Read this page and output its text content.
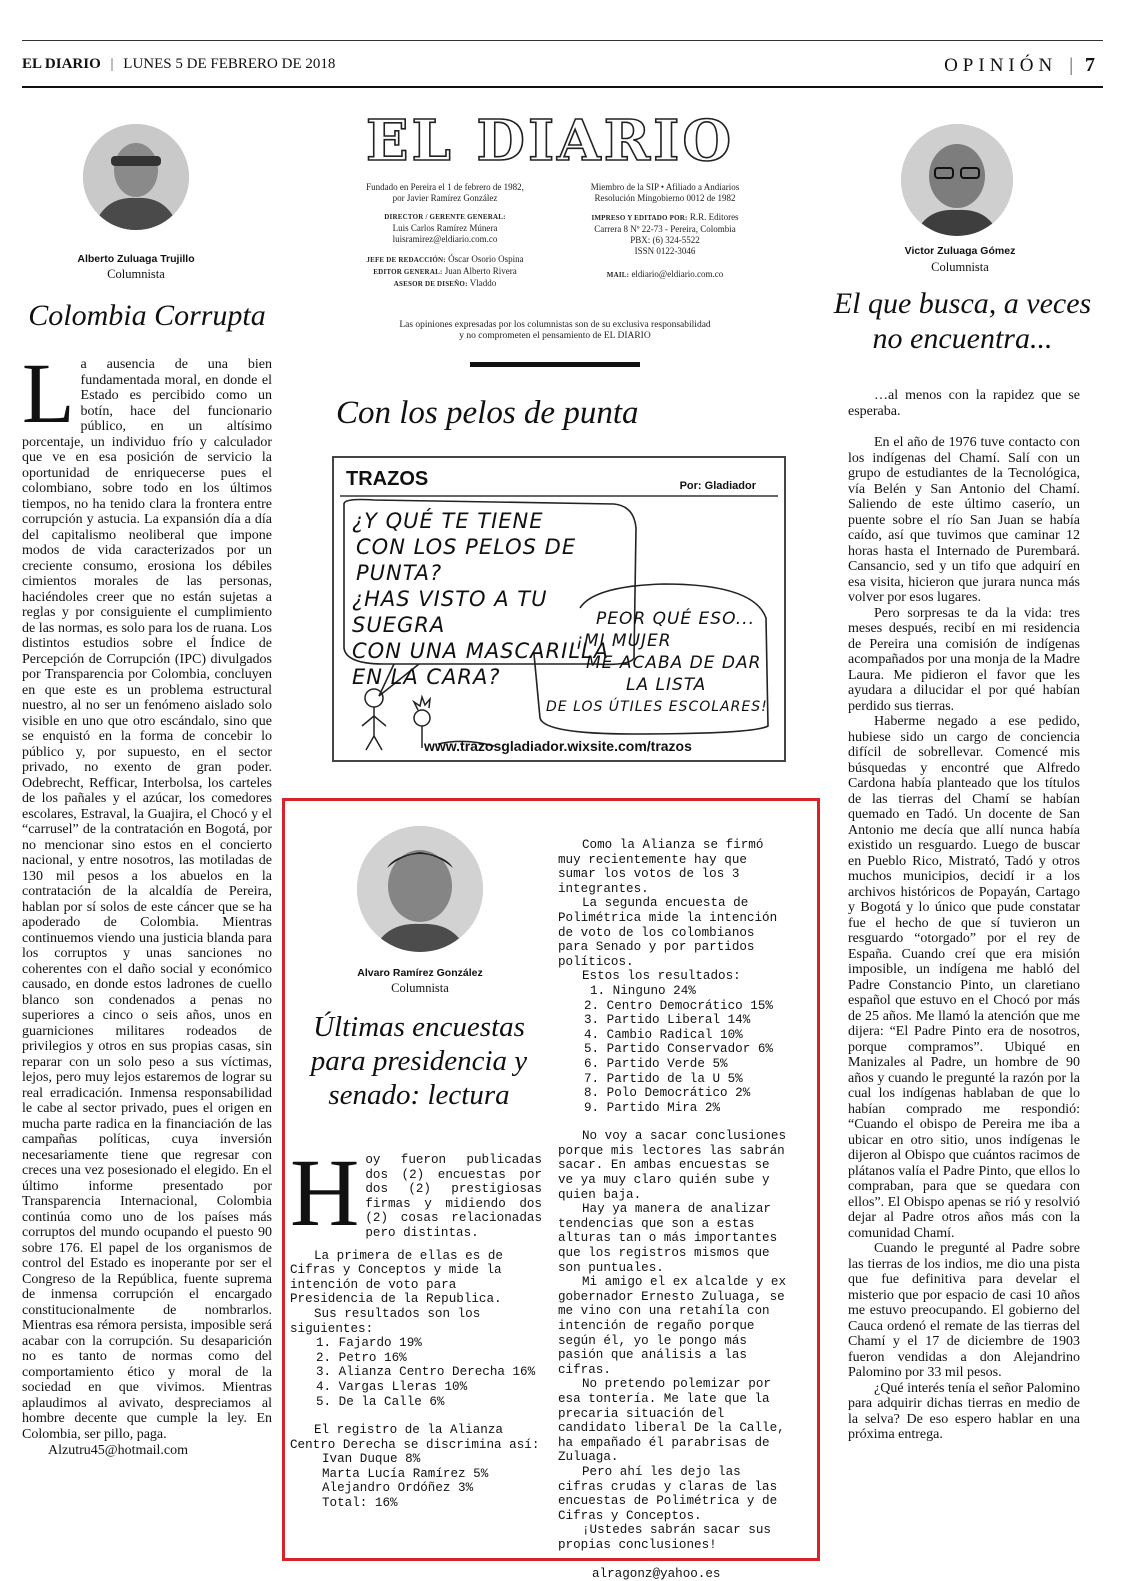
EL DIARIO | LUNES 5 DE FEBRERO DE 2018	OPINIÓN | 7
Alberto Zuluaga Trujillo
Columnista
Colombia Corrupta
L a ausencia de una bien fundamentada moral, en donde el Estado es percibido como un botín, hace del funcionario público, en un altísimo porcentaje, un individuo frío y calculador que ve en esa posición de servicio la oportunidad de enriquecerse pues el colombiano, sobre todo en los últimos tiempos, no ha tenido clara la frontera entre corrupción y astucia. La expansión día a día del capitalismo neoliberal que impone modos de vida caracterizados por un creciente consumo, erosiona los débiles cimientos morales de las personas, haciéndoles creer que no están sujetas a reglas y por consiguiente el cumplimiento de las normas, es solo para los de ruana. Los distintos estudios sobre el Índice de Percepción de Corrupción (IPC) divulgados por Transparencia por Colombia, concluyen en que este es un problema estructural nuestro, al no ser un fenómeno aislado solo visible en uno que otro escándalo, sino que se enquistó en la forma de concebir lo público y, por supuesto, en el sector privado, no exento de gran poder. Odebrecht, Refficar, Interbolsa, los carteles de los pañales y el azúcar, los comedores escolares, Estraval, la Guajira, el Chocó y el “carrusel” de la contratación en Bogotá, por no mencionar sino estos en el concierto nacional, y entre nosotros, las motiladas de 130 mil pesos a los abuelos en la contratación de la alcaldía de Pereira, hablan por sí solos de este cáncer que se ha apoderado de Colombia. Mientras continuemos viendo una justicia blanda para los corruptos y unas sanciones no coherentes con el daño social y económico causado, en donde estos ladrones de cuello blanco son condenados a penas no superiores a cinco o seis años, unos en guarniciones militares rodeados de privilegios y otros en sus propias casas, sin reparar con un solo peso a sus víctimas, lejos, pero muy lejos estaremos de lograr su real erradicación. Inmensa responsabilidad le cabe al sector privado, pues el origen en mucha parte radica en la financiación de las campañas políticas, cuya inversión necesariamente tiene que regresar con creces una vez posesionado el elegido. En el último informe presentado por Transparencia Internacional, Colombia continúa como uno de los países más corruptos del mundo ocupando el puesto 90 sobre 176. El papel de los organismos de control del Estado es inoperante por ser el Congreso de la República, fuente suprema de inmensa corrupción el encargado constitucionalmente de nombrarlos. Mientras esa rémora persista, imposible será acabar con la corrupción. Su desaparición no es tanto de normas como del comportamiento ético y moral de la sociedad en que vivimos. Mientras aplaudimos al avivato, despreciamos al hombre decente que cumple la ley. En Colombia, ser pillo, paga.
Alzutru45@hotmail.com
EL DIARIO
Fundado en Pereira el 1 de febrero de 1982,
por Javier Ramírez González
DIRECTOR / GERENTE GENERAL:
Luis Carlos Ramírez Múnera
luisramirez@eldiario.com.co
JEFE DE REDACCIÓN: Óscar Osorio Ospina
EDITOR GENERAL: Juan Alberto Rivera
ASESOR DE DISEÑO: Vladdo
Miembro de la SIP • Afiliado a Andiarios
Resolución Mingobierno 0012 de 1982
IMPRESO Y EDITADO POR: R.R. Editores
Carrera 8 Nº 22-73 - Pereira, Colombia
PBX: (6) 324-5522
ISSN 0122-3046
MAIL: eldiario@eldiario.com.co
Las opiniones expresadas por los columnistas son de su exclusiva responsabilidad
y no comprometen el pensamiento de EL DIARIO
Con los pelos de punta
TRAZOS	Por: Gladiador
¿Y QUÉ TE TIENE
CON LOS PELOS DE PUNTA?
¿HAS VISTO A TU SUEGRA
CON UNA MASCARILLA
EN LA CARA?
PEOR QUÉ ESO...
¡MI MUJER
ME ACABA DE DAR
LA LISTA
DE LOS ÚTILES ESCOLARES!
www.trazosgladiador.wixsite.com/trazos
Victor Zuluaga Gómez
Columnista
El que busca, a veces no encuentra...

…al menos con la rapidez que se esperaba.

En el año de 1976 tuve contacto con los indígenas del Chamí. Salí con un grupo de estudiantes de la Tecnológica, vía Belén y San Antonio del Chamí. Saliendo de este último caserío, un puente sobre el río San Juan se había caído, así que tuvimos que caminar 12 horas hasta el Internado de Purembará. Cansancio, sed y un tifo que adquirí en esa visita, hicieron que jurara nunca más volver por esos lugares.

Pero sorpresas te da la vida: tres meses después, recibí en mi residencia de Pereira una comisión de indígenas acompañados por una monja de la Madre Laura. Me pidieron el favor que les ayudara a dilucidar el por qué habían perdido sus tierras.

Haberme negado a ese pedido, hubiese sido un cargo de conciencia difícil de sobrellevar. Comencé mis búsquedas y encontré que Alfredo Cardona había planteado que los títulos de las tierras del Chamí se habían quemado en Tadó. Un docente de San Antonio me decía que allí nunca había existido un resguardo. Luego de buscar en Pueblo Rico, Mistrató, Tadó y otros muchos municipios, decidí ir a los archivos históricos de Popayán, Cartago y Bogotá y lo único que pude constatar fue el hecho de que sí tuvieron un resguardo “otorgado” por el rey de España. Cuando creí que era misión imposible, un indígena me habló del Padre Constancio Pinto, un claretiano español que estuvo en el Chocó por más de 25 años. Me llamó la atención que me dijera: “El Padre Pinto era de nosotros, porque compramos”. Ubiqué en Manizales al Padre, un hombre de 90 años y cuando le pregunté la razón por la cual los indígenas hablaban de que lo habían comprado me respondió: “Cuando el obispo de Pereira me iba a ubicar en otro sitio, unos indígenas le dijeron al Obispo que cuántos racimos de plátanos valía el Padre Pinto, que ellos lo compraban, para que se quedara con ellos”. El Obispo apenas se rió y resolvió dejar al Padre otros años más con la comunidad Chamí.

Cuando le pregunté al Padre sobre las tierras de los indios, me dio una pista que fue definitiva para develar el misterio que por espacio de casi 10 años me estuvo preocupando. El gobierno del Cauca ordenó el remate de las tierras del Chamí y el 17 de diciembre de 1903 fueron vendidas a don Alejandrino Palomino por 33 mil pesos.

¿Qué interés tenía el señor Palomino para adquirir dichas tierras en medio de la selva? De eso espero hablar en una próxima entrega.

Alvaro Ramírez González
Columnista
Últimas encuestas para presidencia y senado: lectura
H oy fueron publicadas dos (2) encuestas por dos (2) prestigiosas firmas y midiendo dos (2) cosas relacionadas pero distintas.

La primera de ellas es de Cifras y Conceptos y mide la intención de voto para Presidencia de la Republica.

Sus resultados son los siguientes:

1. Fajardo 19%
2. Petro 16%
3. Alianza Centro Derecha 16%
4. Vargas Lleras 10%
5. De la Calle 6%

El registro de la Alianza Centro Derecha se discrimina así:

Ivan Duque 8%
Marta Lucía Ramírez 5%
Alejandro Ordóñez 3%
Total: 16%

Como la Alianza se firmó muy recientemente hay que sumar los votos de los 3 integrantes.

La segunda encuesta de Polimétrica mide la intención de voto de los colombianos para Senado y por partidos políticos.

Estos los resultados:

1. Ninguno 24%
2. Centro Democrático 15%
3. Partido Liberal 14%
4. Cambio Radical 10%
5. Partido Conservador 6%
6. Partido Verde 5%
7. Partido de la U 5%
8. Polo Democrático 2%
9. Partido Mira 2%

No voy a sacar conclusiones porque mis lectores las sabrán sacar. En ambas encuestas se ve ya muy claro quién sube y quien baja.

Hay ya manera de analizar tendencias que son a estas alturas tan o más importantes que los registros mismos que son puntuales.

Mi amigo el ex alcalde y ex gobernador Ernesto Zuluaga, se me vino con una retahíla con intención de regaño porque según él, yo le pongo más pasión que análisis a las cifras.

No pretendo polemizar por esa tontería. Me late que la precaria situación del candidato liberal De la Calle, ha empañado él parabrisas de Zuluaga.

Pero ahí les dejo las cifras crudas y claras de las encuestas de Polimétrica y de Cifras y Conceptos.

¡Ustedes sabrán sacar sus propias conclusiones!

alragonz@yahoo.es
